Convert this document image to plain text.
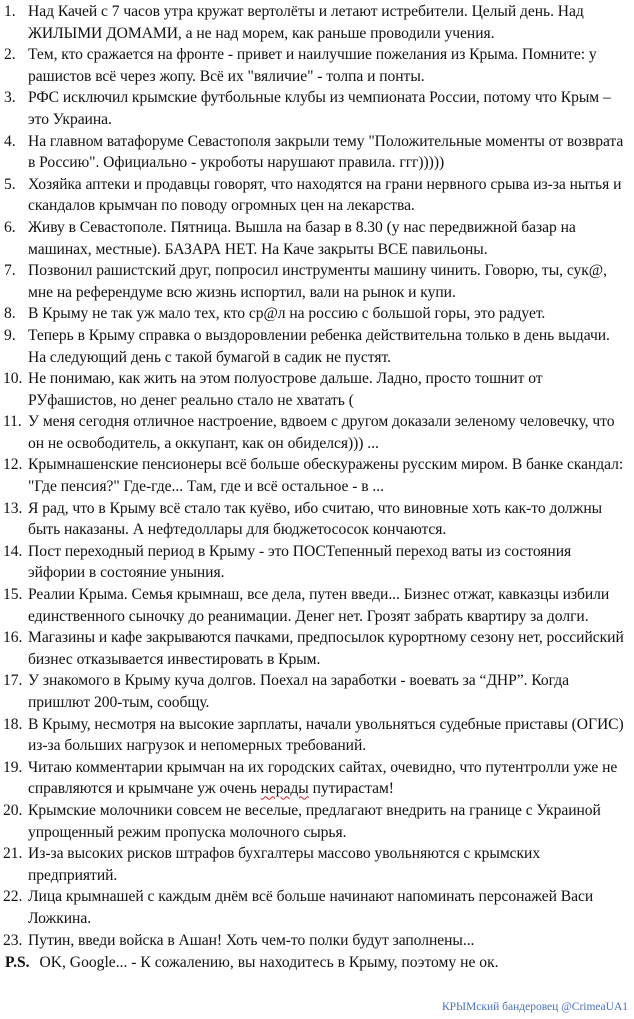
1. Над Качей с 7 часов утра кружат вертолёты и летают истребители. Целый день. Над ЖИЛЫМИ ДОМАМИ, а не над морем, как раньше проводили учения.
2. Тем, кто сражается на фронте - привет и наилучшие пожелания из Крыма. Помните: у рашистов всё через жопу. Всё их "вяличие" - толпа и понты.
3. РФС исключил крымские футбольные клубы из чемпионата России, потому что Крым – это Украина.
4. На главном ватафоруме Севастополя закрыли тему "Положительные моменты от возврата в Россию". Официально - укроботы нарушают правила. ггг)))))
5. Хозяйка аптеки и продавцы говорят, что находятся на грани нервного срыва из-за нытья и скандалов крымчан по поводу огромных цен на лекарства.
6. Живу в Севастополе. Пятница. Вышла на базар в 8.30 (у нас передвижной базар на машинах, местные). БАЗАРА НЕТ. На Каче закрыты ВСЕ павильоны.
7. Позвонил рашистский друг, попросил инструменты машину чинить. Говорю, ты, сук@, мне на референдуме всю жизнь испортил, вали на рынок и купи.
8. В Крыму не так уж мало тех, кто ср@л на россию с большой горы, это радует.
9. Теперь в Крыму справка о выздоровлении ребенка действительна только в день выдачи. На следующий день с такой бумагой в садик не пустят.
10. Не понимаю, как жить на этом полуострове дальше. Ладно, просто тошнит от РУфашистов, но денег реально стало не хватать (
11. У меня сегодня отличное настроение, вдвоем с другом доказали зеленому человечку, что он не освободитель, а оккупант, как он обиделся))) ...
12. Крымнашенские пенсионеры всё больше обескуражены русским миром. В банке скандал: "Где пенсия?" Где-где... Там, где и всё остальное - в ...
13. Я рад, что в Крыму всё стало так куёво, ибо считаю, что виновные хоть как-то должны быть наказаны. А нефтедоллары для бюджетососок кончаются.
14. Пост переходный период в Крыму - это ПОСТепенный переход ваты из состояния эйфории в состояние уныния.
15. Реалии Крыма. Семья крымнаш, все дела, путен введи... Бизнес отжат, кавказцы избили единственного сыночку до реанимации. Денег нет. Грозят забрать квартиру за долги.
16. Магазины и кафе закрываются пачками, предпосылок курортному сезону нет, российский бизнес отказывается инвестировать в Крым.
17. У знакомого в Крыму куча долгов. Поехал на заработки - воевать за “ДНР”. Когда пришлют 200-тым, сообщу.
18. В Крыму, несмотря на высокие зарплаты, начали увольняться судебные приставы (ОГИС) из-за больших нагрузок и непомерных требований.
19. Читаю комментарии крымчан на их городских сайтах, очевидно, что путентролли уже не справляются и крымчане уж очень нерады путирастам!
20. Крымские молочники совсем не веселые, предлагают внедрить на границе с Украиной упрощенный режим пропуска молочного сырья.
21. Из-за высоких рисков штрафов бухгалтеры массово увольняются с крымских предприятий.
22. Лица крымнашей с каждым днём всё больше начинают напоминать персонажей Васи Ложкина.
23. Путин, введи войска в Ашан! Хоть чем-то полки будут заполнены...
P.S. OK, Google... - К сожалению, вы находитесь в Крыму, поэтому не ок.
КРЫМский бандеровец @CrimeaUA1
